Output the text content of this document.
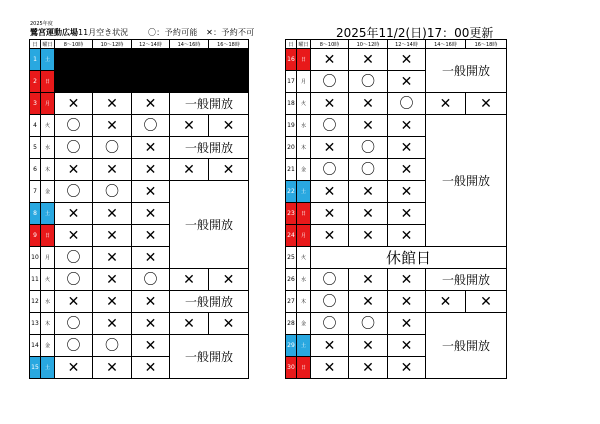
2025年度
鷺宮運動広場 11月空き状況 〇：予約可能　✕：予約不可	2025年11/2(日)17：00更新
日	曜日	8～10時	10～12時	12～14時	14～16時	16～18時
1	土					
2	日					
3	月	✕	✕	✕	一般開放	
4	火	〇	✕	〇	✕	✕
5	水	〇	〇	✕	一般開放	
6	木	✕	✕	✕	✕	✕
7	金	〇	〇	✕	一般開放	
8	土	✕	✕	✕		
9	日	✕	✕	✕		
10	月	〇	✕	✕		
11	火	〇	✕	〇	✕	✕
12	水	✕	✕	✕	一般開放	
13	木	〇	✕	✕	✕	✕
14	金	〇	〇	✕	一般開放	
15	土	✕	✕	✕		
日	曜日	8～10時	10～12時	12～14時	14～16時	16～18時
16	日	✕	✕	✕	一般開放	
17	月	〇	〇	✕		
18	火	✕	✕	〇	✕	✕
19	水	〇	✕	✕	一般開放	
20	木	✕	〇	✕		
21	金	〇	〇	✕		
22	土	✕	✕	✕		
23	日	✕	✕	✕		
24	月	✕	✕	✕		
25	火	休館日				
26	水	〇	✕	✕	一般開放	
27	木	〇	✕	✕	✕	✕
28	金	〇	〇	✕	一般開放	
29	土	✕	✕	✕		
30	日	✕	✕	✕		
